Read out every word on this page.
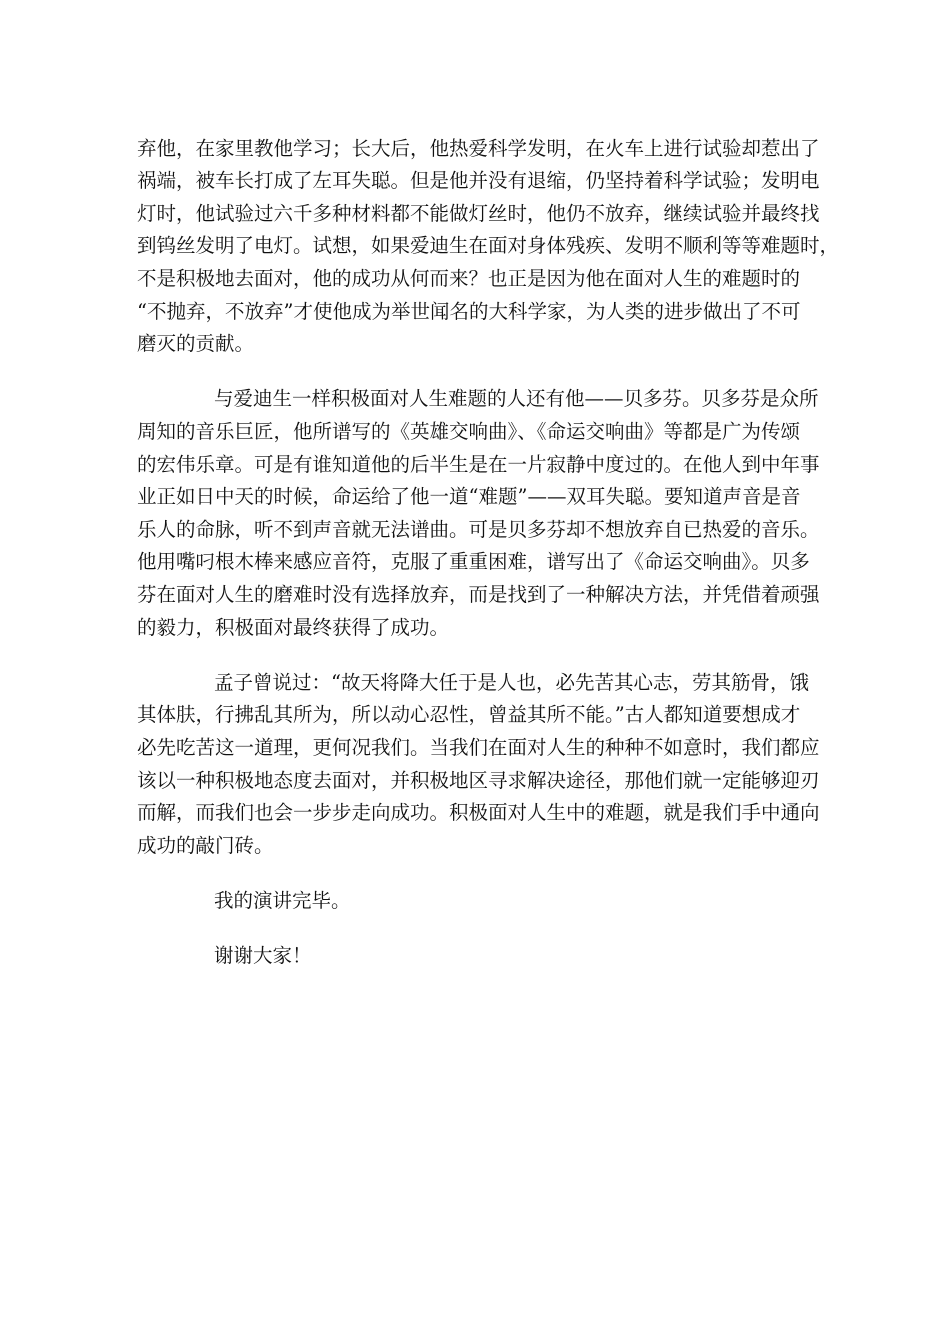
弃他，在家里教他学习；长大后，他热爱科学发明，在火车上进行试验却惹出了
祸端，被车长打成了左耳失聪。但是他并没有退缩，仍坚持着科学试验；发明电
灯时，他试验过六千多种材料都不能做灯丝时，他仍不放弃，继续试验并最终找
到钨丝发明了电灯。试想，如果爱迪生在面对身体残疾、发明不顺利等等难题时，
不是积极地去面对，他的成功从何而来？也正是因为他在面对人生的难题时的
“不抛弃，不放弃”才使他成为举世闻名的大科学家，为人类的进步做出了不可
磨灭的贡献。
与爱迪生一样积极面对人生难题的人还有他——贝多芬。贝多芬是众所
周知的音乐巨匠，他所谱写的《英雄交响曲》、《命运交响曲》等都是广为传颂
的宏伟乐章。可是有谁知道他的后半生是在一片寂静中度过的。在他人到中年事
业正如日中天的时候，命运给了他一道“难题”——双耳失聪。要知道声音是音
乐人的命脉，听不到声音就无法谱曲。可是贝多芬却不想放弃自已热爱的音乐。
他用嘴叼根木棒来感应音符，克服了重重困难，谱写出了《命运交响曲》。贝多
芬在面对人生的磨难时没有选择放弃，而是找到了一种解决方法，并凭借着顽强
的毅力，积极面对最终获得了成功。
孟子曾说过：“故天将降大任于是人也，必先苦其心志，劳其筋骨，饿
其体肤，行拂乱其所为，所以动心忍性，曾益其所不能。”古人都知道要想成才
必先吃苦这一道理，更何况我们。当我们在面对人生的种种不如意时，我们都应
该以一种积极地态度去面对，并积极地区寻求解决途径，那他们就一定能够迎刃
而解，而我们也会一步步走向成功。积极面对人生中的难题，就是我们手中通向
成功的敲门砖。
我的演讲完毕。
谢谢大家！
